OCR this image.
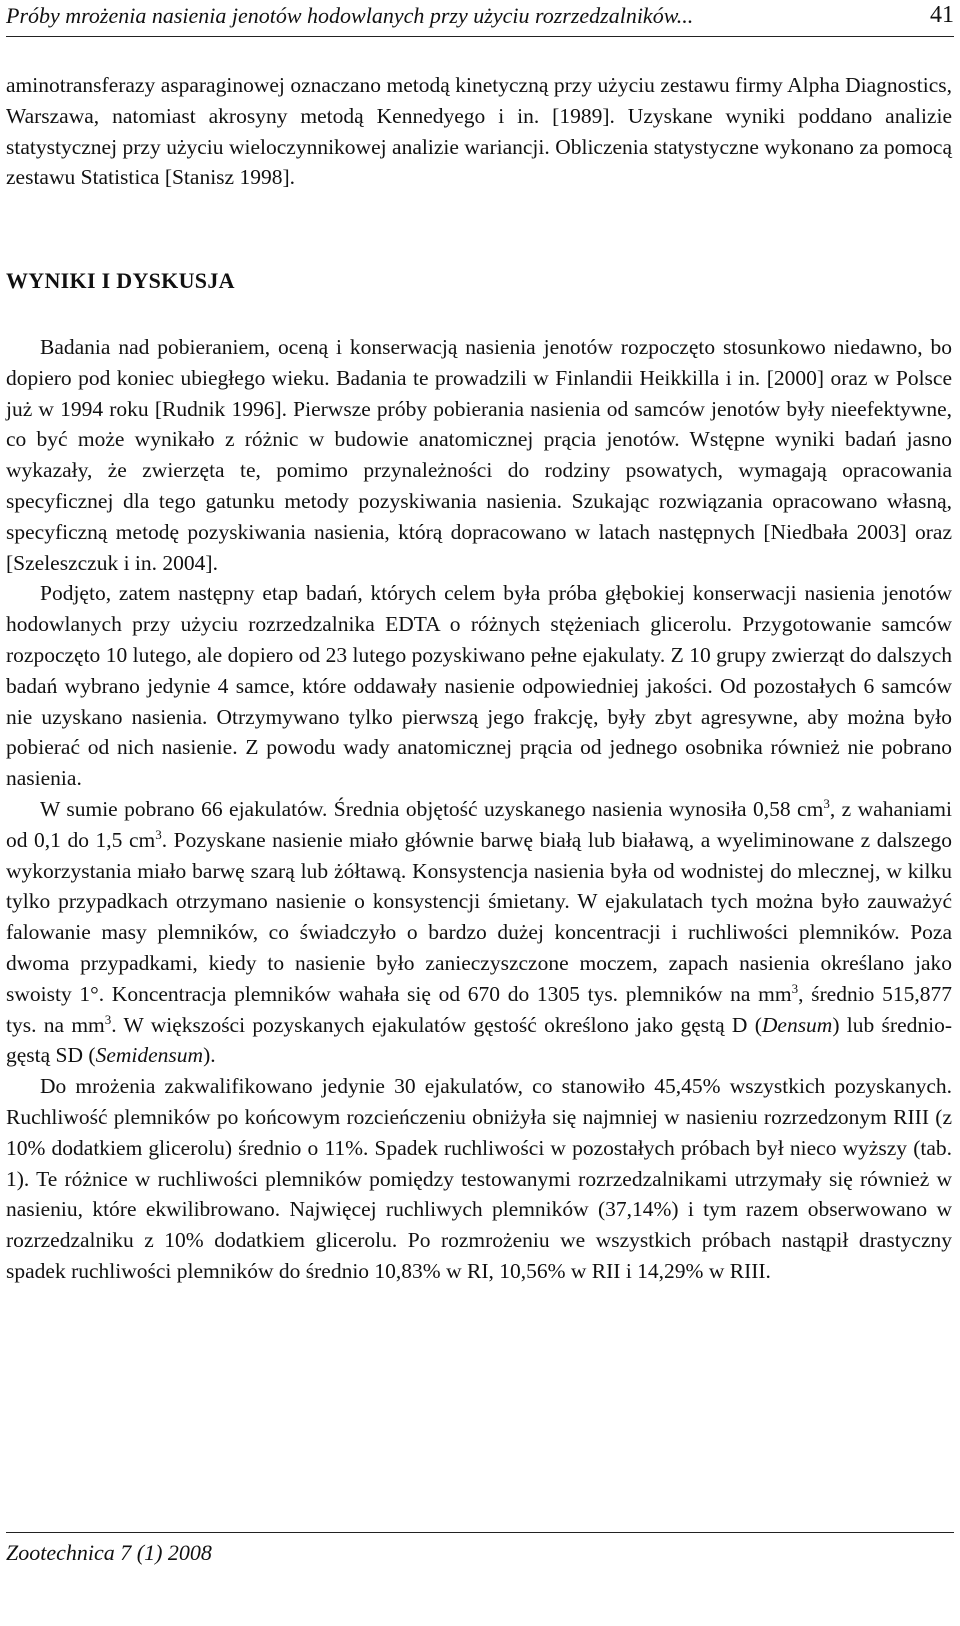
Próby mrożenia nasienia jenotów hodowlanych przy użyciu rozrzedzalników...	41

aminotransferazy asparaginowej oznaczano metodą kinetyczną przy użyciu zestawu firmy Alpha Diagnostics, Warszawa, natomiast akrosyny metodą Kennedyego i in. [1989]. Uzyskane wyniki poddano analizie statystycznej przy użyciu wieloczynnikowej analizie wariancji. Obliczenia statystyczne wykonano za pomocą zestawu Statistica [Stanisz 1998].

WYNIKI I DYSKUSJA

Badania nad pobieraniem, oceną i konserwacją nasienia jenotów rozpoczęto stosunkowo niedawno, bo dopiero pod koniec ubiegłego wieku. Badania te prowadzili w Finlandii Heikkilla i in. [2000] oraz w Polsce już w 1994 roku [Rudnik 1996]. Pierwsze próby pobierania nasienia od samców jenotów były nieefektywne, co być może wynikało z różnic w budowie anatomicznej prącia jenotów. Wstępne wyniki badań jasno wykazały, że zwierzęta te, pomimo przynależności do rodziny psowatych, wymagają opracowania specyficznej dla tego gatunku metody pozyskiwania nasienia. Szukając rozwiązania opracowano własną, specyficzną metodę pozyskiwania nasienia, którą dopracowano w latach następnych [Niedbała 2003] oraz [Szeleszczuk i in. 2004].

Podjęto, zatem następny etap badań, których celem była próba głębokiej konserwacji nasienia jenotów hodowlanych przy użyciu rozrzedzalnika EDTA o różnych stężeniach glicerolu. Przygotowanie samców rozpoczęto 10 lutego, ale dopiero od 23 lutego pozyskiwano pełne ejakulaty. Z 10 grupy zwierząt do dalszych badań wybrano jedynie 4 samce, które oddawały nasienie odpowiedniej jakości. Od pozostałych 6 samców nie uzyskano nasienia. Otrzymywano tylko pierwszą jego frakcję, były zbyt agresywne, aby można było pobierać od nich nasienie. Z powodu wady anatomicznej prącia od jednego osobnika również nie pobrano nasienia.

W sumie pobrano 66 ejakulatów. Średnia objętość uzyskanego nasienia wynosiła 0,58 $cm^3$, z wahaniami od 0,1 do 1,5 $cm^3$. Pozyskane nasienie miało głównie barwę białą lub białawą, a wyeliminowane z dalszego wykorzystania miało barwę szarą lub żółtawą. Konsystencja nasienia była od wodnistej do mlecznej, w kilku tylko przypadkach otrzymano nasienie o konsystencji śmietany. W ejakulatach tych można było zauważyć falowanie masy plemników, co świadczyło o bardzo dużej koncentracji i ruchliwości plemników. Poza dwoma przypadkami, kiedy to nasienie było zanieczyszczone moczem, zapach nasienia określano jako swoisty 1°. Koncentracja plemników wahała się od 670 do 1305 tys. plemników na $mm^3$, średnio 515,877 tys. na $mm^3$. W większości pozyskanych ejakulatów gęstość określono jako gęstą D (Densum) lub średnio-gęstą SD (Semidensum).

Do mrożenia zakwalifikowano jedynie 30 ejakulatów, co stanowiło 45,45% wszystkich pozyskanych. Ruchliwość plemników po końcowym rozcieńczeniu obniżyła się najmniej w nasieniu rozrzedzonym RIII (z 10% dodatkiem glicerolu) średnio o 11%. Spadek ruchliwości w pozostałych próbach był nieco wyższy (tab. 1). Te różnice w ruchliwości plemników pomiędzy testowanymi rozrzedzalnikami utrzymały się również w nasieniu, które ekwilibrowano. Najwięcej ruchliwych plemników (37,14%) i tym razem obserwowano w rozrzedzalniku z 10% dodatkiem glicerolu. Po rozmrożeniu we wszystkich próbach nastąpił drastyczny spadek ruchliwości plemników do średnio 10,83% w RI, 10,56% w RII i 14,29% w RIII.

Zootechnica 7 (1) 2008
